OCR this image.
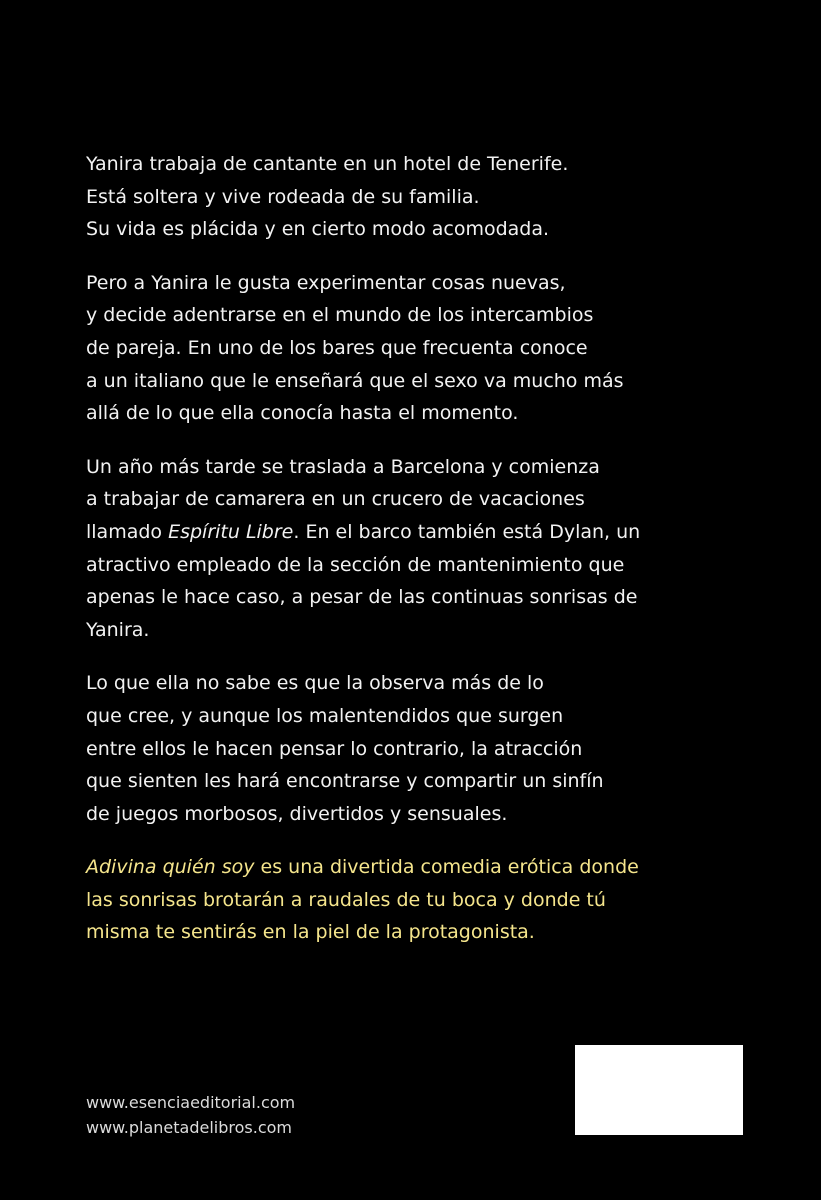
Yanira trabaja de cantante en un hotel de Tenerife.
Está soltera y vive rodeada de su familia.
Su vida es plácida y en cierto modo acomodada.

Pero a Yanira le gusta experimentar cosas nuevas,
y decide adentrarse en el mundo de los intercambios
de pareja. En uno de los bares que frecuenta conoce
a un italiano que le enseñará que el sexo va mucho más
allá de lo que ella conocía hasta el momento.

Un año más tarde se traslada a Barcelona y comienza
a trabajar de camarera en un crucero de vacaciones
llamado Espíritu Libre. En el barco también está Dylan, un
atractivo empleado de la sección de mantenimiento que
apenas le hace caso, a pesar de las continuas sonrisas de
Yanira.

Lo que ella no sabe es que la observa más de lo
que cree, y aunque los malentendidos que surgen
entre ellos le hacen pensar lo contrario, la atracción
que sienten les hará encontrarse y compartir un sinfín
de juegos morbosos, divertidos y sensuales.

Adivina quién soy es una divertida comedia erótica donde
las sonrisas brotarán a raudales de tu boca y donde tú
misma te sentirás en la piel de la protagonista.

www.esenciaeditorial.com
www.planetadelibros.com
